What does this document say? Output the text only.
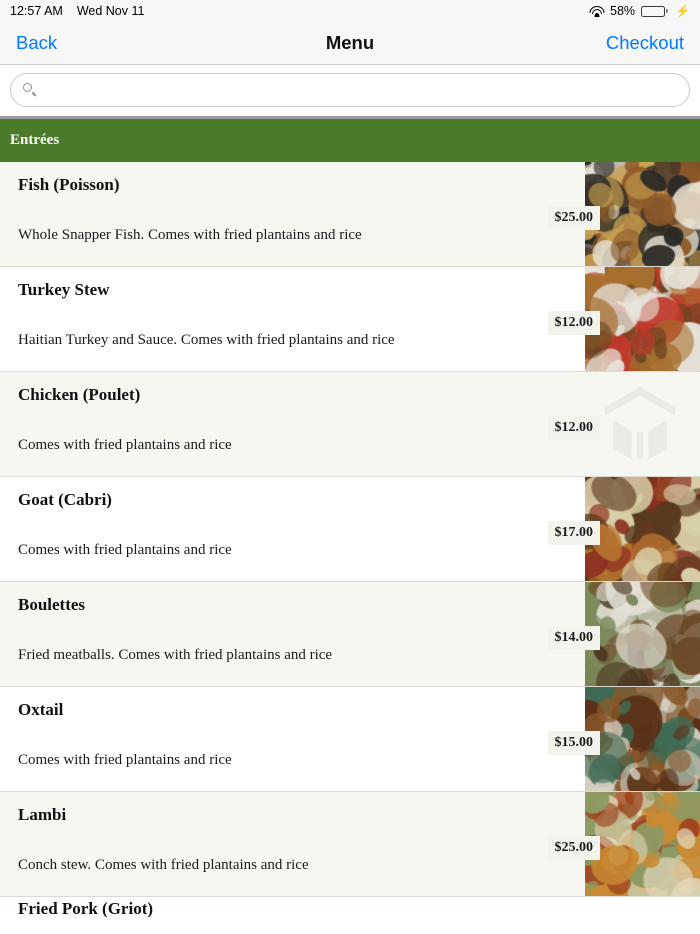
12:57 AM Wed Nov 11	58%	⚡
Back	Menu	Checkout
Entrées
Fish (Poisson)
Whole Snapper Fish. Comes with fried plantains and rice
$25.00
Turkey Stew
Haitian Turkey and Sauce. Comes with fried plantains and rice
$12.00
Chicken (Poulet)
Comes with fried plantains and rice
$12.00
Goat (Cabri)
Comes with fried plantains and rice
$17.00
Boulettes
Fried meatballs. Comes with fried plantains and rice
$14.00
Oxtail
Comes with fried plantains and rice
$15.00
Lambi
Conch stew. Comes with fried plantains and rice
$25.00
Fried Pork (Griot)
